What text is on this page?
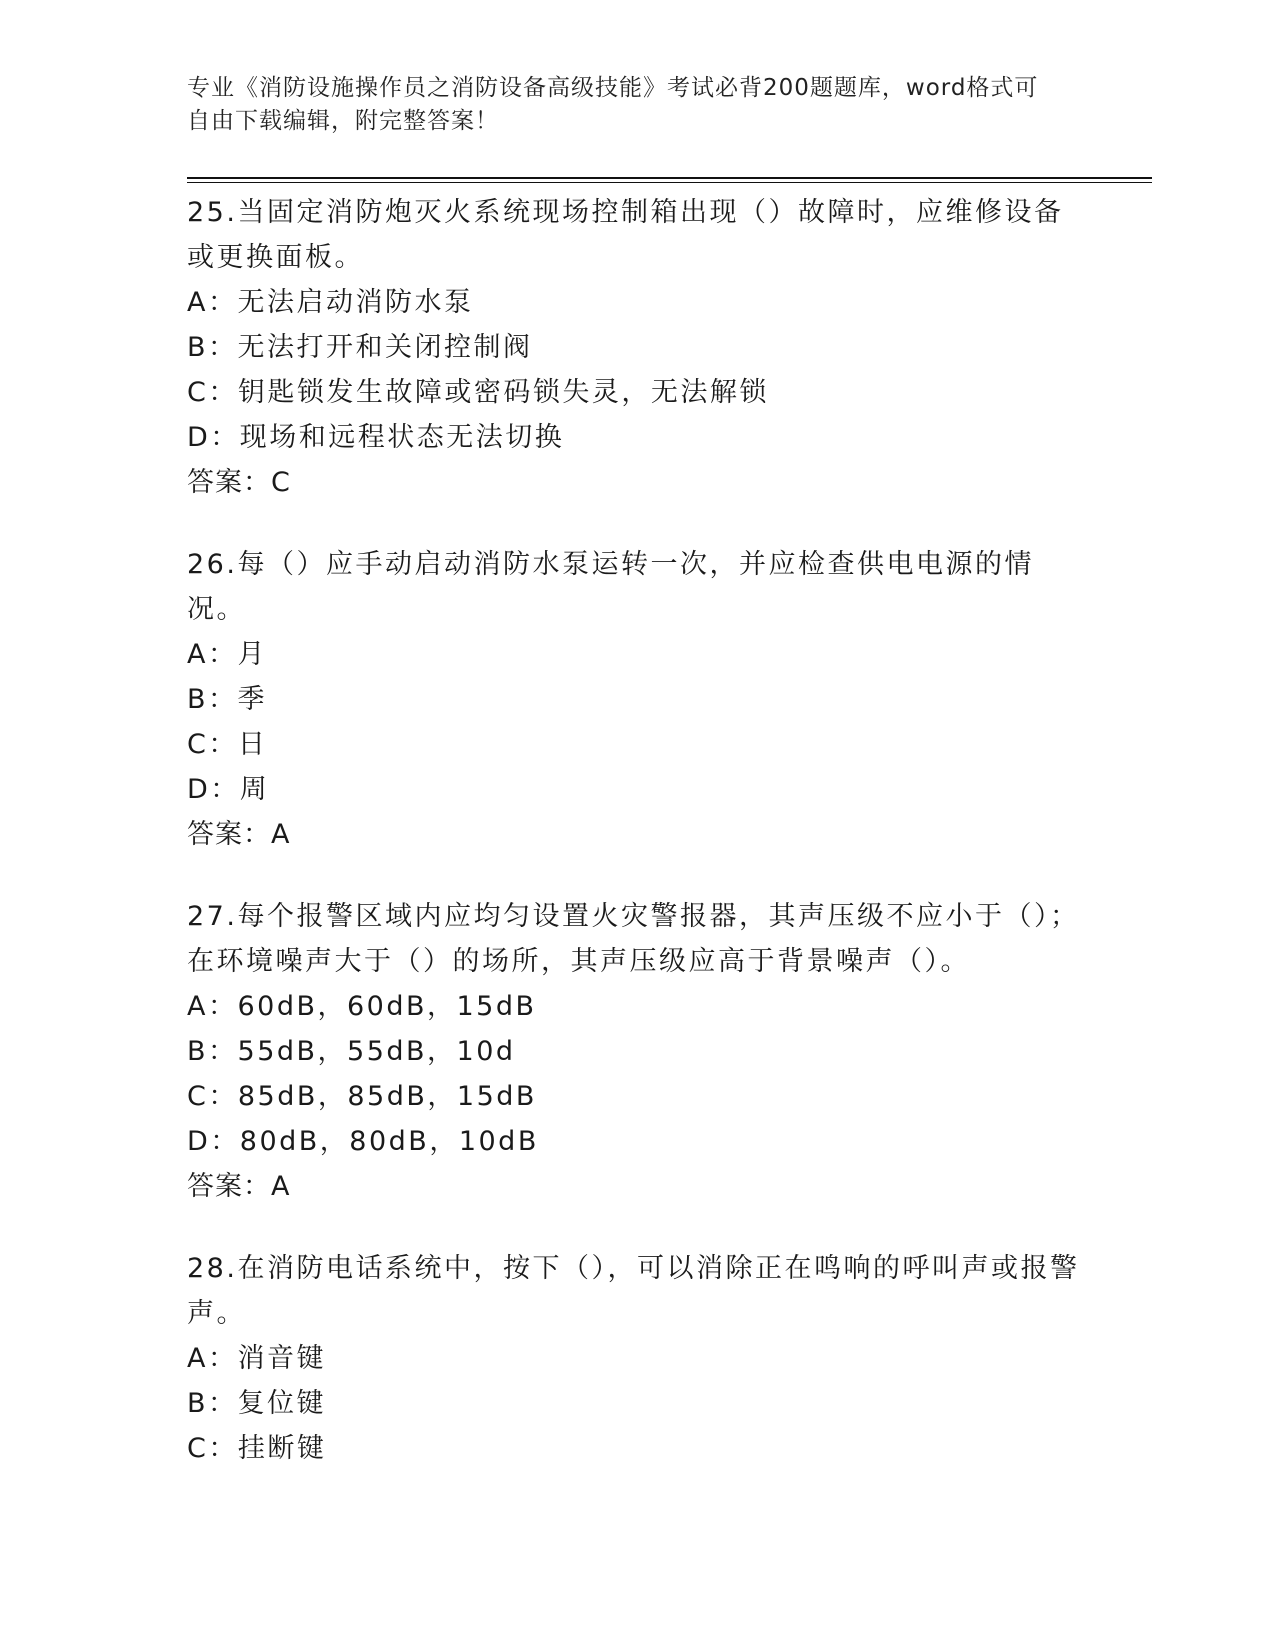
专业《消防设施操作员之消防设备高级技能》考试必背200题题库，word格式可
自由下载编辑，附完整答案！

25.当固定消防炮灭火系统现场控制箱出现（）故障时，应维修设备或更换面板。

A：无法启动消防水泵

B：无法打开和关闭控制阀

C：钥匙锁发生故障或密码锁失灵，无法解锁

D：现场和远程状态无法切换

答案：C

26.每（）应手动启动消防水泵运转一次，并应检查供电电源的情况。

A：月

B：季

C：日

D：周

答案：A

27.每个报警区域内应均匀设置火灾警报器，其声压级不应小于（）；在环境噪声大于（）的场所，其声压级应高于背景噪声（）。

A：60dB，60dB，15dB

B：55dB，55dB，10d

C：85dB，85dB，15dB

D：80dB，80dB，10dB

答案：A

28.在消防电话系统中，按下（），可以消除正在鸣响的呼叫声或报警声。

A：消音键

B：复位键

C：挂断键
